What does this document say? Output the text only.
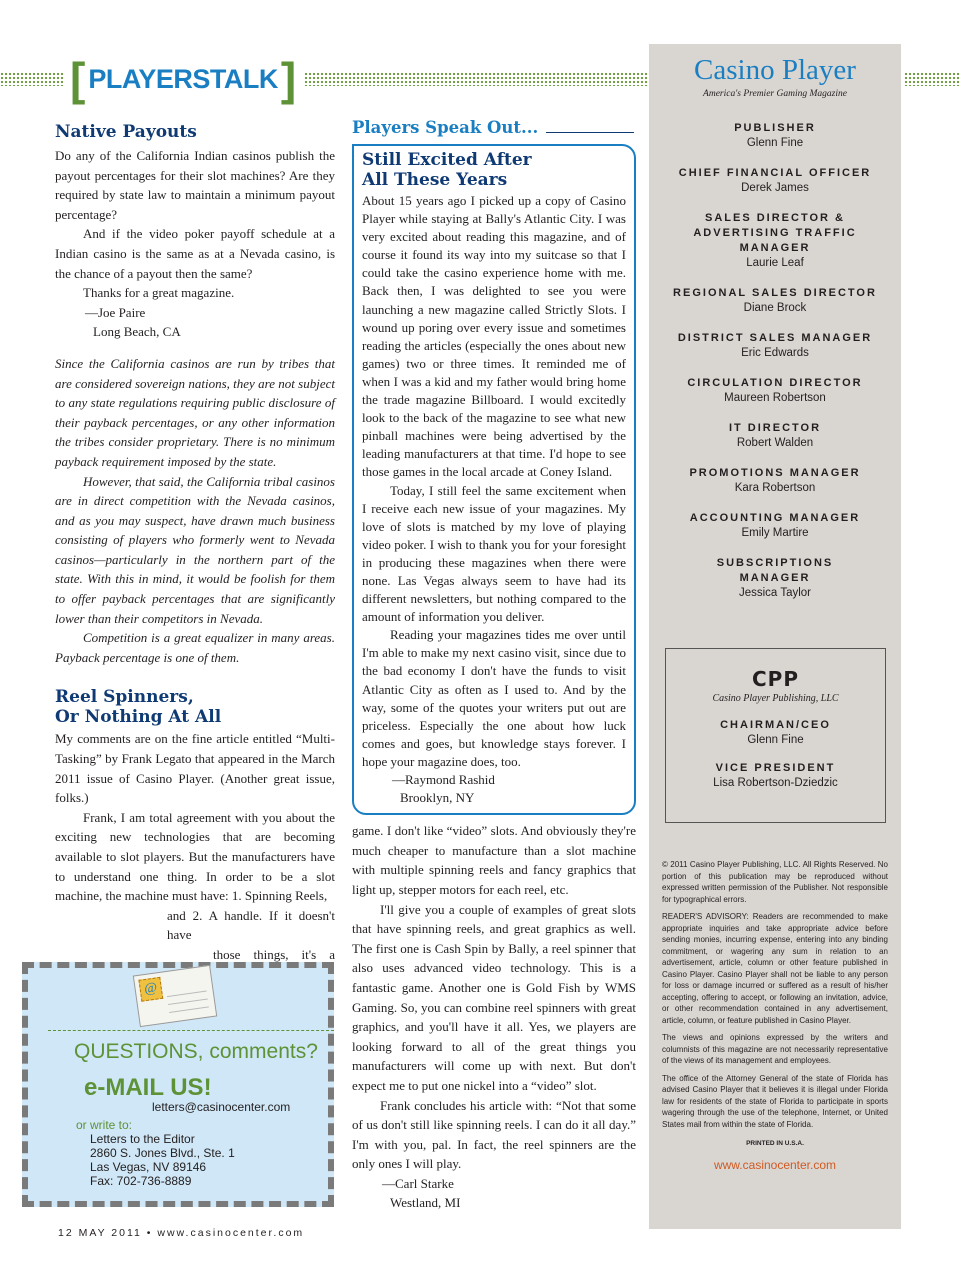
[ PLAYERSTALK ]
Native Payouts

Do any of the California Indian casinos publish the payout percentages for their slot machines? Are they required by state law to maintain a minimum payout percentage?

And if the video poker payoff schedule at a Indian casino is the same as at a Nevada casino, is the chance of a payout then the same?

Thanks for a great magazine.

—Joe Paire

Long Beach, CA

Since the California casinos are run by tribes that are considered sovereign nations, they are not subject to any state regulations requiring public disclosure of their payback percentages, or any other information the tribes consider proprietary. There is no minimum payback requirement imposed by the state.

However, that said, the California tribal casinos are in direct competition with the Nevada casinos, and as you may suspect, have drawn much business consisting of players who formerly went to Nevada casinos—particularly in the northern part of the state. With this in mind, it would be foolish for them to offer payback percentages that are significantly lower than their competitors in Nevada.

Competition is a great equalizer in many areas. Payback percentage is one of them.

Reel Spinners,
Or Nothing At All

My comments are on the fine article entitled “Multi-Tasking” by Frank Legato that appeared in the March 2011 issue of Casino Player. (Another great issue, folks.)

Frank, I am total agreement with you about the exciting new technologies that are becoming available to slot players. But the manufacturers have to understand one thing. In order to be a slot machine, the machine must have: 1. Spinning Reels,

and 2. A handle. If it doesn't have

those things, it's a

@
QUESTIONS, comments?
e-MAIL US!
letters@casinocenter.com
or write to:
Letters to the Editor
2860 S. Jones Blvd., Ste. 1
Las Vegas, NV 89146
Fax: 702-736-8889
Players Speak Out...
Still Excited After
All These Years

About 15 years ago I picked up a copy of Casino Player while staying at Bally's Atlantic City. I was very excited about reading this magazine, and of course it found its way into my suitcase so that I could take the casino experience home with me. Back then, I was delighted to see you were launching a new magazine called Strictly Slots. I wound up poring over every issue and sometimes reading the articles (especially the ones about new games) two or three times. It reminded me of when I was a kid and my father would bring home the trade magazine Billboard. I would excitedly look to the back of the magazine to see what new pinball machines were being advertised by the leading manufacturers at that time. I'd hope to see those games in the local arcade at Coney Island.

Today, I still feel the same excitement when I receive each new issue of your magazines. My love of slots is matched by my love of playing video poker. I wish to thank you for your foresight in producing these magazines when there were none. Las Vegas always seem to have had its different newsletters, but nothing compared to the amount of information you deliver.

Reading your magazines tides me over until I'm able to make my next casino visit, since due to the bad economy I don't have the funds to visit Atlantic City as often as I used to. And by the way, some of the quotes your writers put out are priceless. Especially the one about how luck comes and goes, but knowledge stays forever. I hope your magazine does, too.

—Raymond Rashid

Brooklyn, NY

game. I don't like “video” slots. And obviously they're much cheaper to manufacture than a slot machine with multiple spinning reels and fancy graphics that light up, stepper motors for each reel, etc.

I'll give you a couple of examples of great slots that have spinning reels, and great graphics as well. The first one is Cash Spin by Bally, a reel spinner that also uses advanced video technology. This is a fantastic game. Another one is Gold Fish by WMS Gaming. So, you can combine reel spinners with great graphics, and you'll have it all. Yes, we players are looking forward to all of the great things you manufacturers will come up with next. But don't expect me to put one nickel into a “video” slot.

Frank concludes his article with: “Not that some of us don't still like spinning reels. I can do it all day.” I'm with you, pal. In fact, the reel spinners are the only ones I will play.

—Carl Starke

Westland, MI

12 MAY 2011 • www.casinocenter.com
Casino Player
America's Premier Gaming Magazine
PUBLISHER
Glenn Fine
CHIEF FINANCIAL OFFICER
Derek James
SALES DIRECTOR & ADVERTISING TRAFFIC MANAGER
Laurie Leaf
REGIONAL SALES DIRECTOR
Diane Brock
DISTRICT SALES MANAGER
Eric Edwards
CIRCULATION DIRECTOR
Maureen Robertson
IT DIRECTOR
Robert Walden
PROMOTIONS MANAGER
Kara Robertson
ACCOUNTING MANAGER
Emily Martire
SUBSCRIPTIONS MANAGER
Jessica Taylor
CPP
Casino Player Publishing, LLC
CHAIRMAN/CEO
Glenn Fine
VICE PRESIDENT
Lisa Robertson-Dziedzic

© 2011 Casino Player Publishing, LLC. All Rights Reserved. No portion of this publication may be reproduced without expressed written permission of the Publisher. Not responsible for typographical errors.

READER'S ADVISORY: Readers are recommended to make appropriate inquiries and take appropriate advice before sending monies, incurring expense, entering into any binding commitment, or wagering any sum in relation to an advertisement, article, column or other feature published in Casino Player. Casino Player shall not be liable to any person for loss or damage incurred or suffered as a result of his/her accepting, offering to accept, or following an invitation, advice, or other recommendation contained in any advertisement, article, column, or feature published in Casino Player.

The views and opinions expressed by the writers and columnists of this magazine are not necessarily representative of the views of its management and employees.

The office of the Attorney General of the state of Florida has advised Casino Player that it believes it is illegal under Florida law for residents of the state of Florida to participate in sports wagering through the use of the telephone, Internet, or United States mail from within the state of Florida.

PRINTED IN U.S.A.
www.casinocenter.com
